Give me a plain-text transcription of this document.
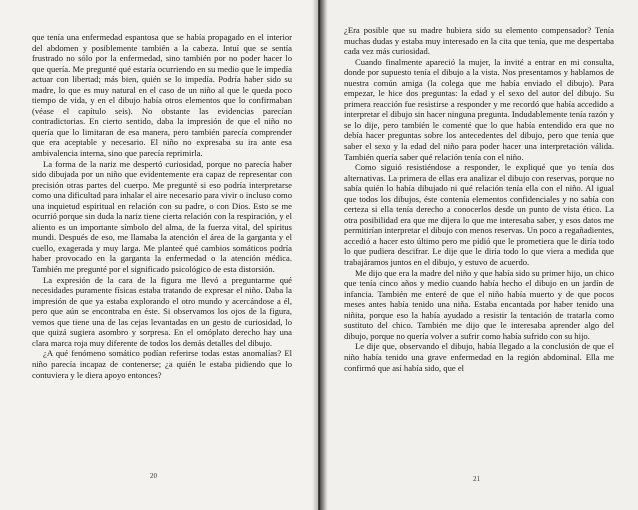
que tenía una enfermedad espantosa que se había propagado en el interior del abdomen y posiblemente también a la cabeza. Intuí que se sentía frustrado no sólo por la enfermedad, sino también por no poder hacer lo que quería. Me pregunté qué estaría ocurriendo en su medio que le impedía actuar con libertad; más bien, quién se lo impedía. Podría haber sido su madre, lo que es muy natural en el caso de un niño al que le queda poco tiempo de vida, y en el dibujo había otros elementos que lo confirmaban (véase el capítulo seis). No obstante las evidencias parecían contradictorias. En cierto sentido, daba la impresión de que el niño no quería que lo limitaran de esa manera, pero también parecía comprender que era aceptable y necesario. El niño no expresaba su ira ante esa ambivalencia interna, sino que parecía reprimirla.

La forma de la nariz me despertó curiosidad, porque no parecía haber sido dibujada por un niño que evidentemente era capaz de representar con precisión otras partes del cuerpo. Me pregunté si eso podría interpretarse como una dificultad para inhalar el aire necesario para vivir o incluso como una inquietud espiritual en relación con su padre, o con Dios. Esto se me ocurrió porque sin duda la nariz tiene cierta relación con la respiración, y el aliento es un importante símbolo del alma, de la fuerza vital, del spiritus mundi. Después de eso, me llamaba la atención el área de la garganta y el cuello, exagerada y muy larga. Me planteé qué cambios somáticos podría haber provocado en la garganta la enfermedad o la atención médica. También me pregunté por el significado psicológico de esta distorsión.

La expresión de la cara de la figura me llevó a preguntarme qué necesidades puramente físicas estaba tratando de expresar el niño. Daba la impresión de que ya estaba explorando el otro mundo y acercándose a él, pero que aún se encontraba en éste. Si observamos los ojos de la figura, vemos que tiene una de las cejas levantadas en un gesto de curiosidad, lo que quizá sugiera asombro y sorpresa. En el omóplato derecho hay una clara marca roja muy diferente de todos los demás detalles del dibujo.

¿A qué fenómeno somático podían referirse todas estas anomalías? El niño parecía incapaz de contenerse; ¿a quién le estaba pidiendo que lo contuviera y le diera apoyo entonces?

20

¿Era posible que su madre hubiera sido su elemento compensador? Tenía muchas dudas y estaba muy interesado en la cita que tenía, que me despertaba cada vez más curiosidad.

Cuando finalmente apareció la mujer, la invité a entrar en mi consulta, donde por supuesto tenía el dibujo a la vista. Nos presentamos y hablamos de nuestra común amiga (la colega que me había enviado el dibujo). Para empezar, le hice dos preguntas: la edad y el sexo del autor del dibujo. Su primera reacción fue resistirse a responder y me recordó que había accedido a interpretar el dibujo sin hacer ninguna pregunta. Indudablemente tenía razón y se lo dije, pero también le comenté que lo que había entendido era que no debía hacer preguntas sobre los antecedentes del dibujo, pero que tenía que saber el sexo y la edad del niño para poder hacer una interpretación válida. También quería saber qué relación tenía con el niño.

Como siguió resistiéndose a responder, le expliqué que yo tenía dos alternativas. La primera de ellas era analizar el dibujo con reservas, porque no sabía quién lo había dibujado ni qué relación tenía ella con el niño. Al igual que todos los dibujos, éste contenía elementos confidenciales y no sabía con certeza si ella tenía derecho a conocerlos desde un punto de vista ético. La otra posibilidad era que me dijera lo que me interesaba saber, y esos datos me permitirían interpretar el dibujo con menos reservas. Un poco a regañadientes, accedió a hacer esto último pero me pidió que le prometiera que le diría todo lo que pudiera descifrar. Le dije que le diría todo lo que viera a medida que trabajáramos juntos en el dibujo, y estuvo de acuerdo.

Me dijo que era la madre del niño y que había sido su primer hijo, un chico que tenía cinco años y medio cuando había hecho el dibujo en un jardín de infancia. También me enteré de que el niño había muerto y de que pocos meses antes había tenido una niña. Estaba encantada por haber tenido una niñita, porque eso la había ayudado a resistir la tentación de tratarla como sustituto del chico. También me dijo que le interesaba aprender algo del dibujo, porque no quería volver a sufrir como había sufrido con su hijo.

Le dije que, observando el dibujo, había llegado a la conclusión de que el niño había tenido una grave enfermedad en la región abdominal. Ella me confirmó que así había sido, que el

21
